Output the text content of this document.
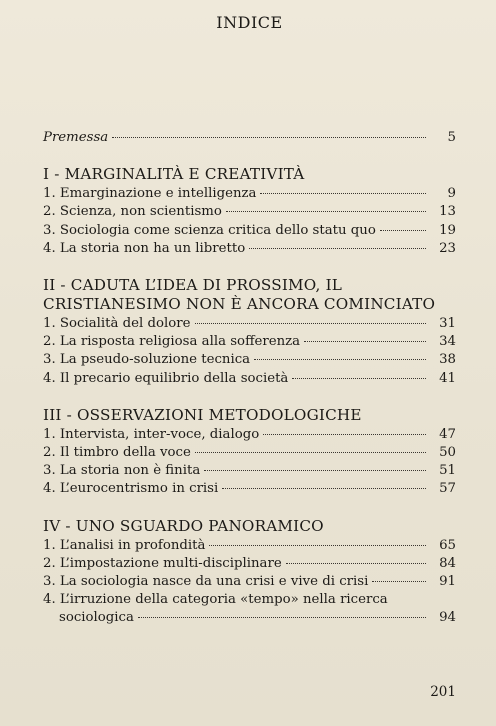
INDICE
Premessa	5
I - MARGINALITÀ E CREATIVITÀ
1. Emarginazione e intelligenza	9
2. Scienza, non scientismo	13
3. Sociologia come scienza critica dello statu quo	19
4. La storia non ha un libretto	23
II - CADUTA L’IDEA DI PROSSIMO, IL
CRISTIANESIMO NON È ANCORA COMINCIATO
1. Socialità del dolore	31
2. La risposta religiosa alla sofferenza	34
3. La pseudo-soluzione tecnica	38
4. Il precario equilibrio della società	41
III - OSSERVAZIONI METODOLOGICHE
1. Intervista, inter-voce, dialogo	47
2. Il timbro della voce	50
3. La storia non è finita	51
4. L’eurocentrismo in crisi	57
IV - UNO SGUARDO PANORAMICO
1. L’analisi in profondità	65
2. L’impostazione multi-disciplinare	84
3. La sociologia nasce da una crisi e vive di crisi	91
4. L’irruzione della categoria «tempo» nella ricerca
sociologica	94
201
